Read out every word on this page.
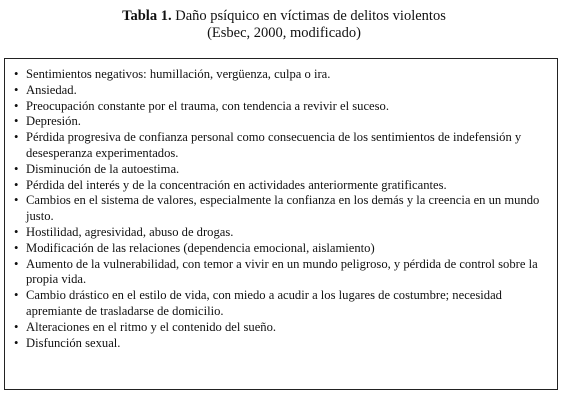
Tabla 1. Daño psíquico en víctimas de delitos violentos
(Esbec, 2000, modificado)
• Sentimientos negativos: humillación, vergüenza, culpa o ira.
• Ansiedad.
• Preocupación constante por el trauma, con tendencia a revivir el suceso.
• Depresión.
• Pérdida progresiva de confianza personal como consecuencia de los sentimientos de indefensión y desesperanza experimentados.
• Disminución de la autoestima.
• Pérdida del interés y de la concentración en actividades anteriormente gratificantes.
• Cambios en el sistema de valores, especialmente la confianza en los demás y la creencia en un mundo justo.
• Hostilidad, agresividad, abuso de drogas.
• Modificación de las relaciones (dependencia emocional, aislamiento)
• Aumento de la vulnerabilidad, con temor a vivir en un mundo peligroso, y pérdida de control sobre la propia vida.
• Cambio drástico en el estilo de vida, con miedo a acudir a los lugares de costumbre; necesidad apremiante de trasladarse de domicilio.
• Alteraciones en el ritmo y el contenido del sueño.
• Disfunción sexual.
